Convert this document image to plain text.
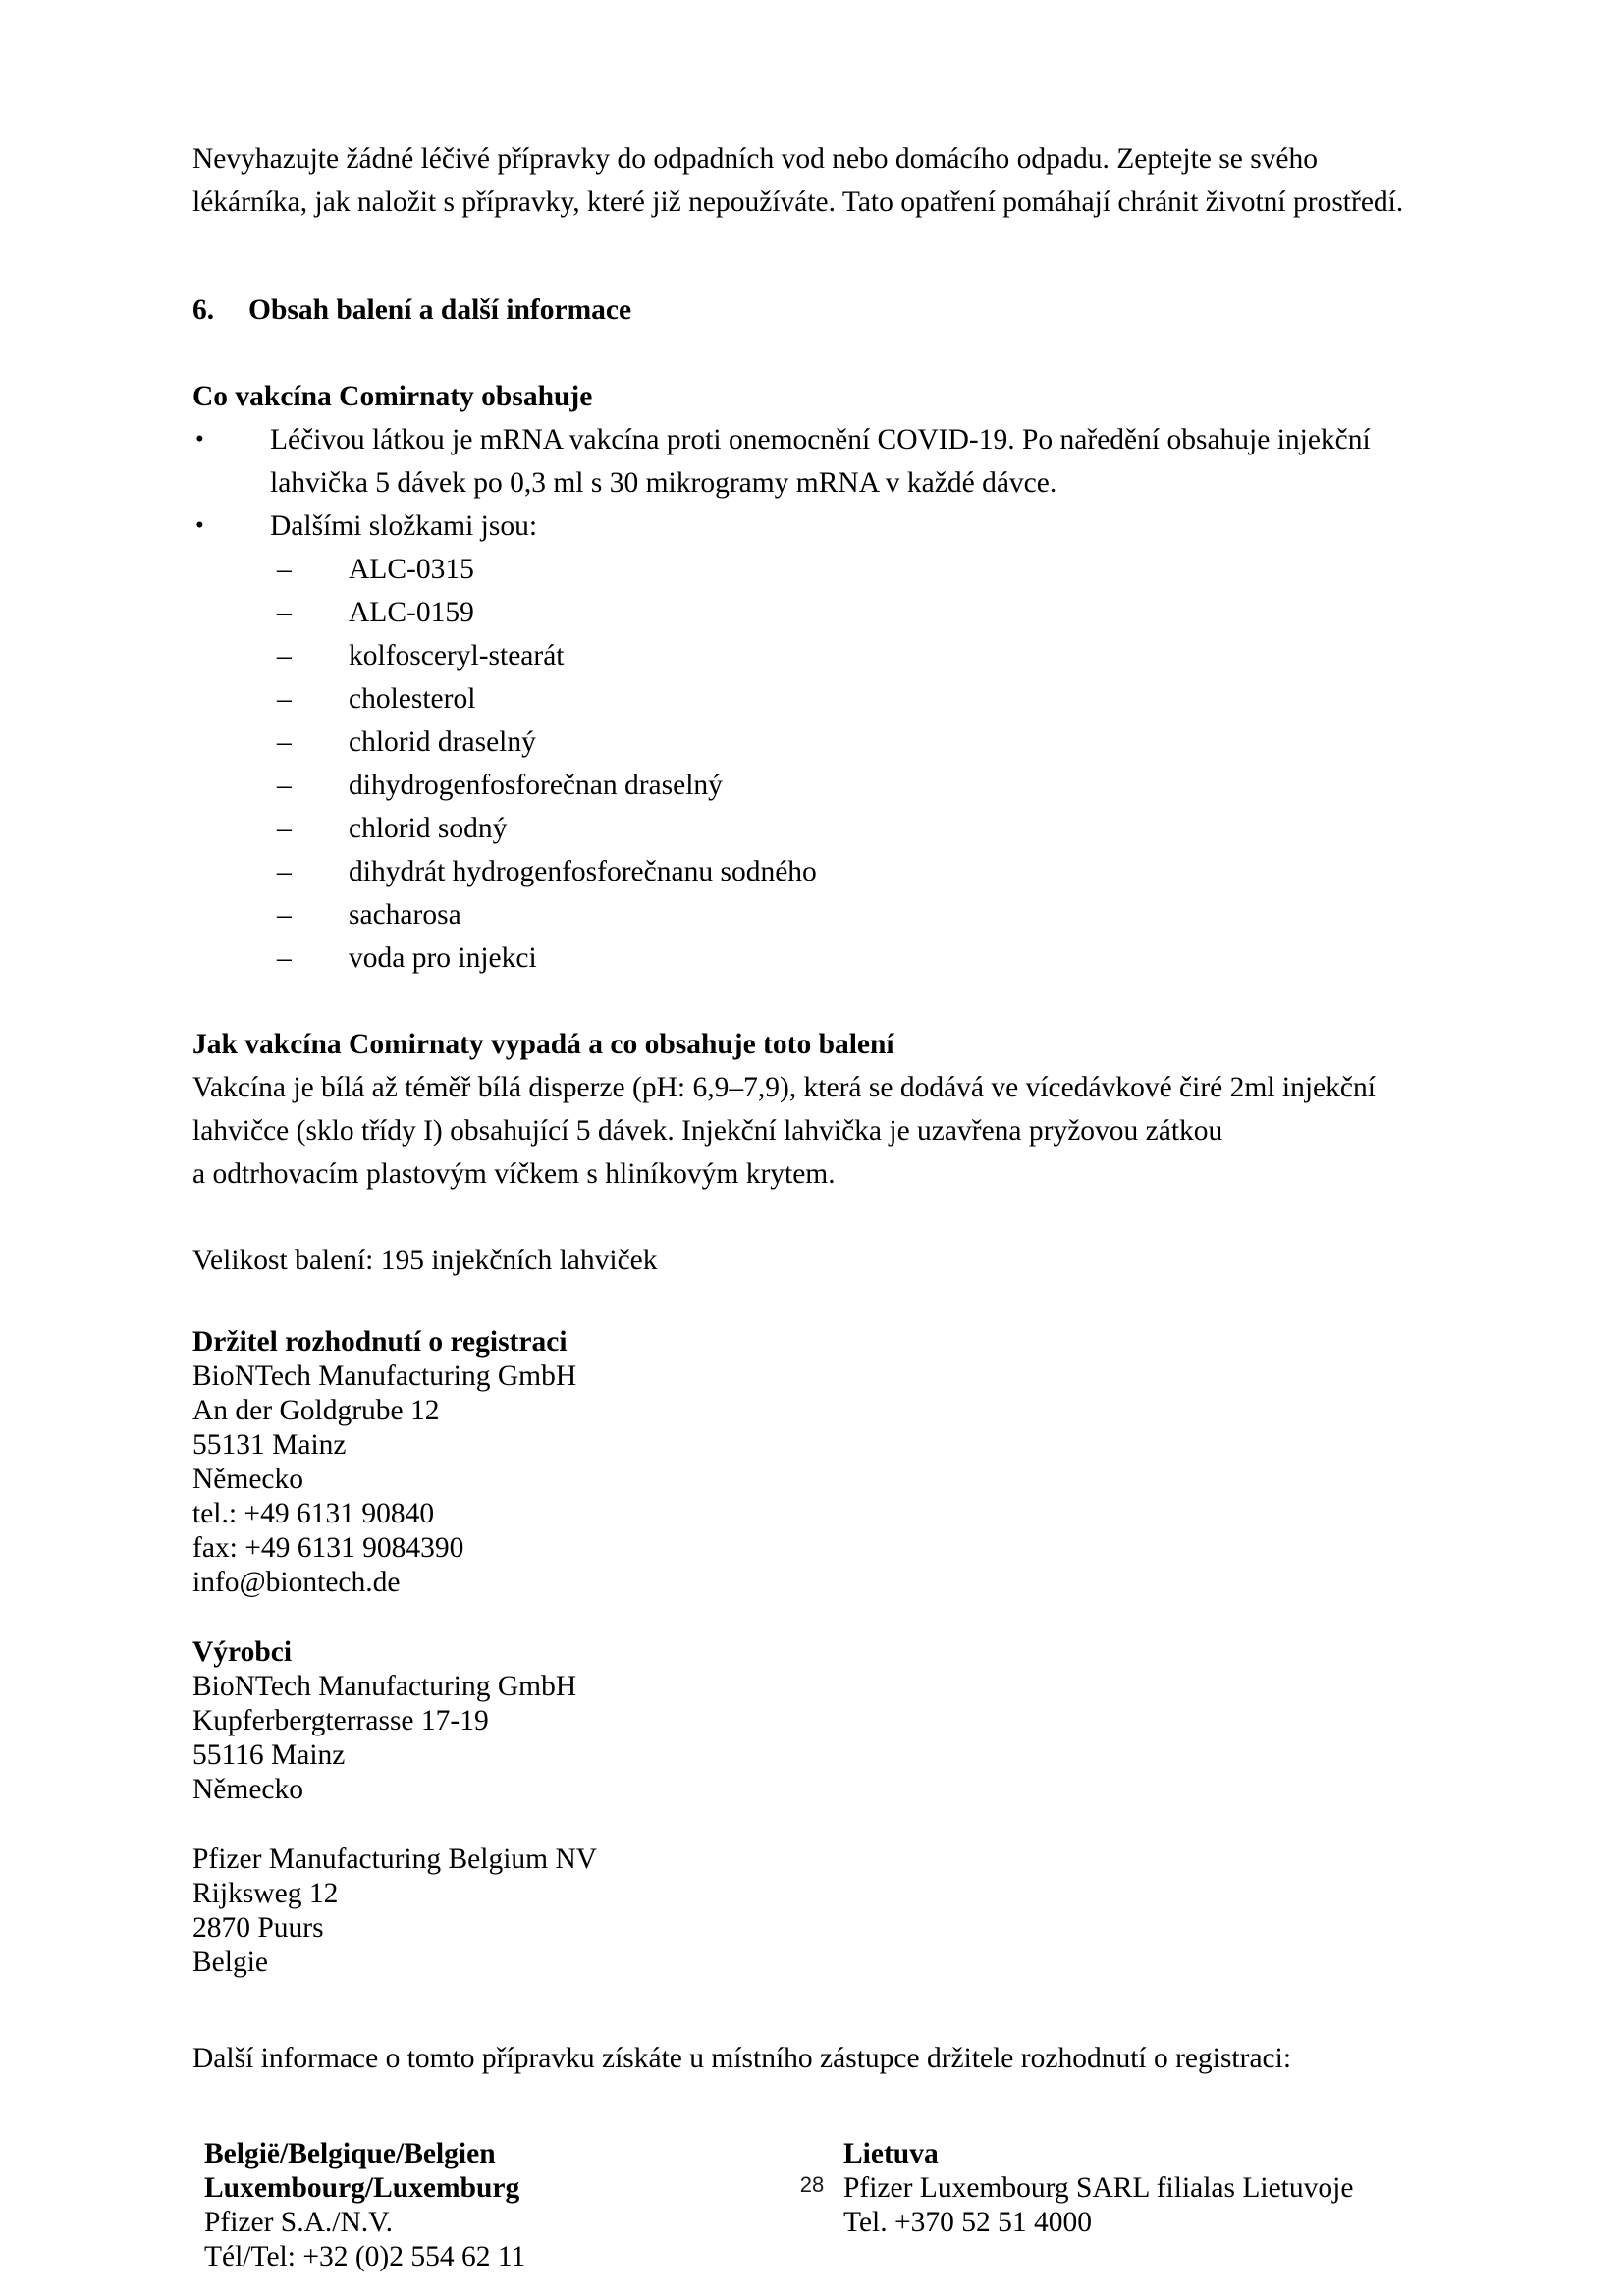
Nevyhazujte žádné léčivé přípravky do odpadních vod nebo domácího odpadu. Zeptejte se svého lékárníka, jak naložit s přípravky, které již nepoužíváte. Tato opatření pomáhají chránit životní prostředí.

6.	Obsah balení a další informace

Co vakcína Comirnaty obsahuje

•	Léčivou látkou je mRNA vakcína proti onemocnění COVID-19. Po naředění obsahuje injekční lahvička 5 dávek po 0,3 ml s 30 mikrogramy mRNA v každé dávce.
•	Dalšími složkami jsou:
–	ALC-0315
–	ALC-0159
–	kolfosceryl-stearát
–	cholesterol
–	chlorid draselný
–	dihydrogenfosforečnan draselný
–	chlorid sodný
–	dihydrát hydrogenfosforečnanu sodného
–	sacharosa
–	voda pro injekci

Jak vakcína Comirnaty vypadá a co obsahuje toto balení

Vakcína je bílá až téměř bílá disperze (pH: 6,9–7,9), která se dodává ve vícedávkové čiré 2ml injekční

lahvičce (sklo třídy I) obsahující 5 dávek. Injekční lahvička je uzavřena pryžovou zátkou

a odtrhovacím plastovým víčkem s hliníkovým krytem.

Velikost balení: 195 injekčních lahviček

Držitel rozhodnutí o registraci

BioNTech Manufacturing GmbH
An der Goldgrube 12
55131 Mainz
Německo
tel.: +49 6131 90840
fax: +49 6131 9084390
info@biontech.de

Výrobci

BioNTech Manufacturing GmbH
Kupferbergterrasse 17-19
55116 Mainz
Německo
Pfizer Manufacturing Belgium NV
Rijksweg 12
2870 Puurs
Belgie

Další informace o tomto přípravku získáte u místního zástupce držitele rozhodnutí o registraci:

België/Belgique/Belgien
Luxembourg/Luxemburg
Pfizer S.A./N.V.
Tél/Tel: +32 (0)2 554 62 11
Lietuva
Pfizer Luxembourg SARL filialas Lietuvoje
Tel. +370 52 51 4000
28
